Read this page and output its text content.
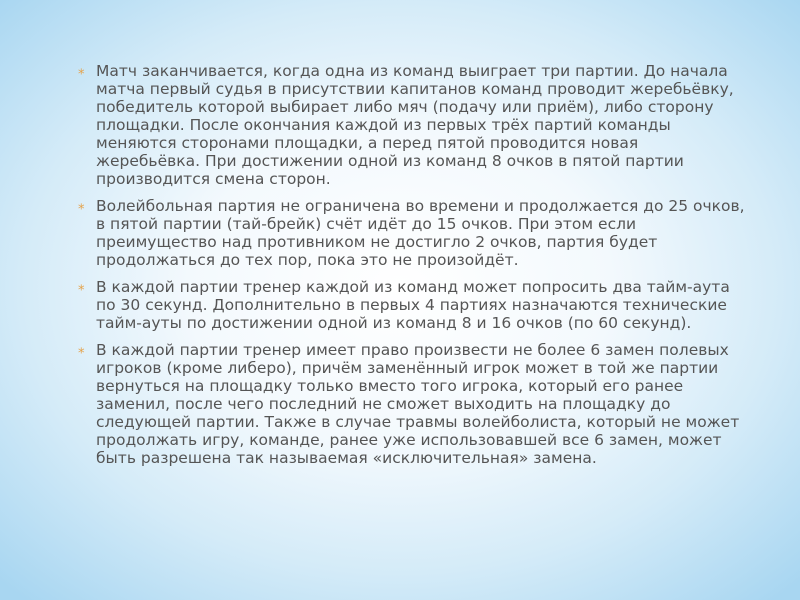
⁎ Матч заканчивается, когда одна из команд выиграет три партии. До начала матча первый судья в присутствии капитанов команд проводит жеребьёвку, победитель которой выбирает либо мяч (подачу или приём), либо сторону площадки. После окончания каждой из первых трёх партий команды меняются сторонами площадки, а перед пятой проводится новая жеребьёвка. При достижении одной из команд 8 очков в пятой партии производится смена сторон.
⁎ Волейбольная партия не ограничена во времени и продолжается до 25 очков, в пятой партии (тай-брейк) счёт идёт до 15 очков. При этом если преимущество над противником не достигло 2 очков, партия будет продолжаться до тех пор, пока это не произойдёт.
⁎ В каждой партии тренер каждой из команд может попросить два тайм-аута по 30 секунд. Дополнительно в первых 4 партиях назначаются технические тайм-ауты по достижении одной из команд 8 и 16 очков (по 60 секунд).
⁎ В каждой партии тренер имеет право произвести не более 6 замен полевых игроков (кроме либеро), причём заменённый игрок может в той же партии вернуться на площадку только вместо того игрока, который его ранее заменил, после чего последний не сможет выходить на площадку до следующей партии. Также в случае травмы волейболиста, который не может продолжать игру, команде, ранее уже использовавшей все 6 замен, может быть разрешена так называемая «исключительная» замена.
